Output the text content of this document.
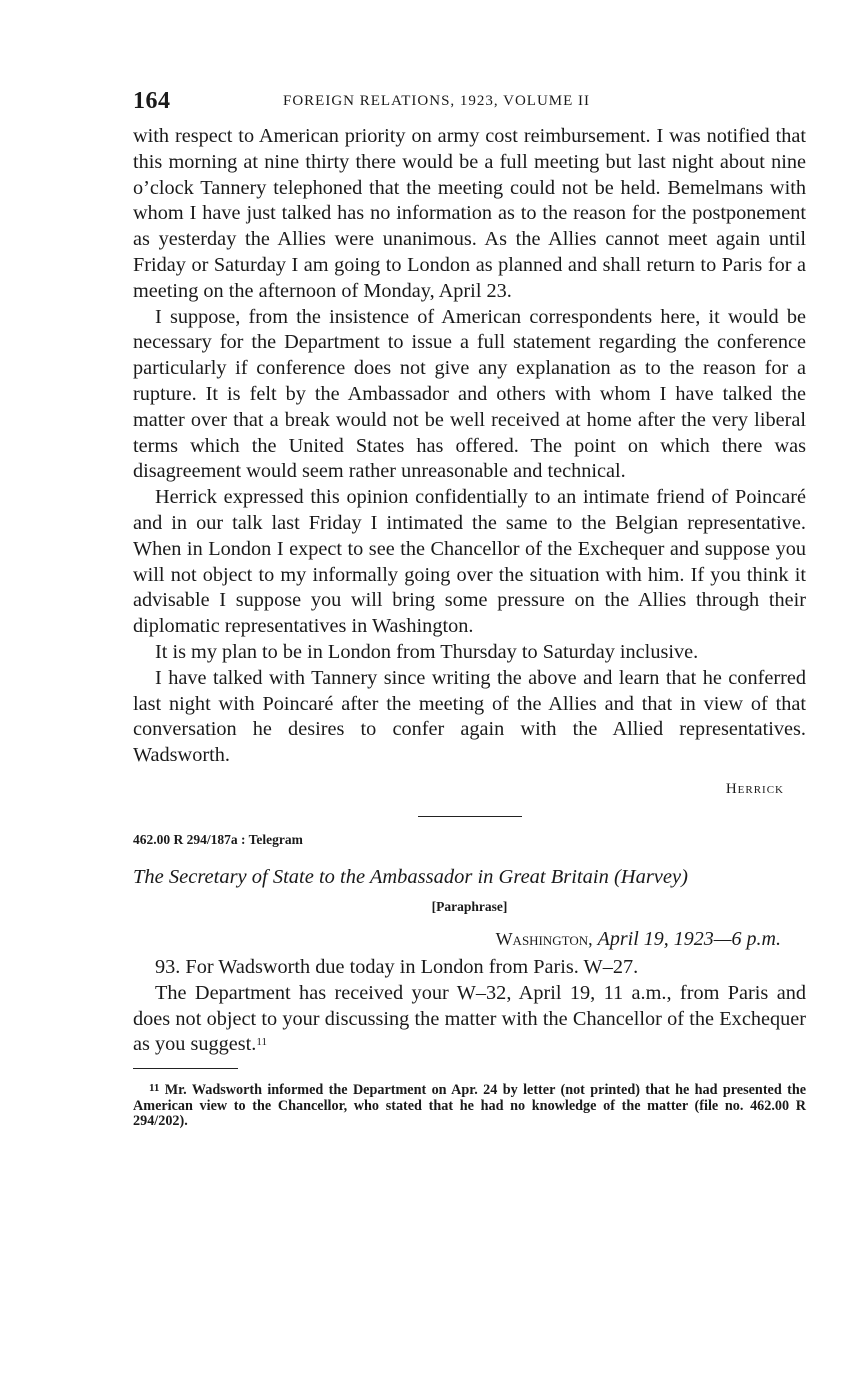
164	FOREIGN RELATIONS, 1923, VOLUME II

with respect to American priority on army cost reimbursement. I was notified that this morning at nine thirty there would be a full meeting but last night about nine o’clock Tannery telephoned that the meeting could not be held. Bemelmans with whom I have just talked has no information as to the reason for the postponement as yesterday the Allies were unanimous. As the Allies cannot meet again until Friday or Saturday I am going to London as planned and shall return to Paris for a meeting on the afternoon of Monday, April 23.

I suppose, from the insistence of American correspondents here, it would be necessary for the Department to issue a full statement regarding the conference particularly if conference does not give any explanation as to the reason for a rupture. It is felt by the Ambassador and others with whom I have talked the matter over that a break would not be well received at home after the very liberal terms which the United States has offered. The point on which there was disagreement would seem rather unreasonable and technical.

Herrick expressed this opinion confidentially to an intimate friend of Poincaré and in our talk last Friday I intimated the same to the Belgian representative. When in London I expect to see the Chancellor of the Exchequer and suppose you will not object to my informally going over the situation with him. If you think it advisable I suppose you will bring some pressure on the Allies through their diplomatic representatives in Washington.

It is my plan to be in London from Thursday to Saturday inclusive.

I have talked with Tannery since writing the above and learn that he conferred last night with Poincaré after the meeting of the Allies and that in view of that conversation he desires to confer again with the Allied representatives. Wadsworth.

Herrick
462.00 R 294/187a : Telegram
The Secretary of State to the Ambassador in Great Britain (Harvey)
[Paraphrase]
Washington, April 19, 1923—6 p.m.

93. For Wadsworth due today in London from Paris. W–27.

The Department has received your W–32, April 19, 11 a.m., from Paris and does not object to your discussing the matter with the Chancellor of the Exchequer as you suggest.$^{11}$

$^{11}$ Mr. Wadsworth informed the Department on Apr. 24 by letter (not printed) that he had presented the American view to the Chancellor, who stated that he had no knowledge of the matter (file no. 462.00 R 294/202).
